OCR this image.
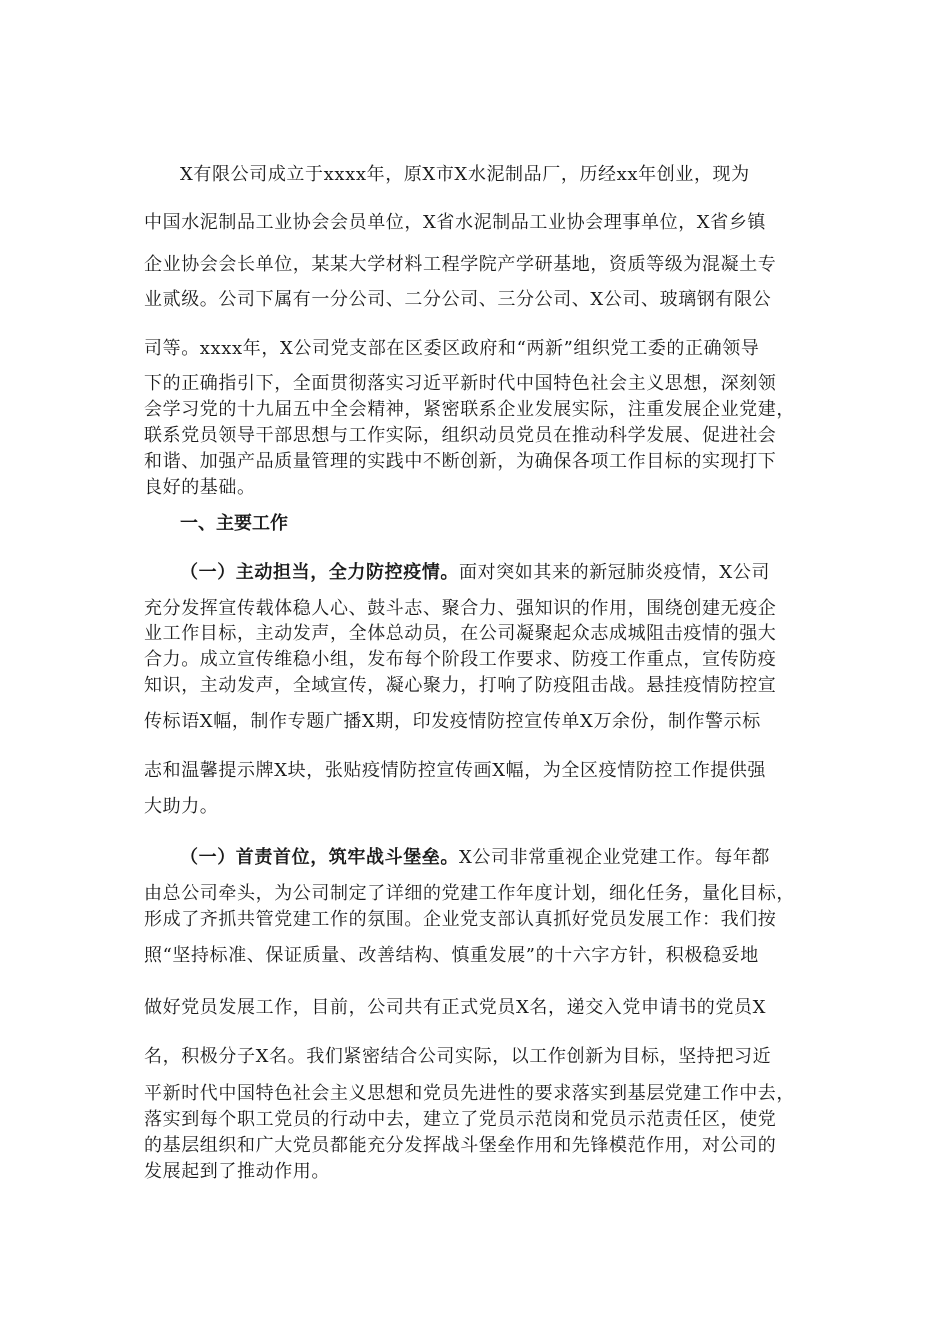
X有限公司成立于xxxx年，原X市X水泥制品厂，历经xx年创业，现为
中国水泥制品工业协会会员单位，X省水泥制品工业协会理事单位，X省乡镇
企业协会会长单位，某某大学材料工程学院产学研基地，资质等级为混凝土专
业贰级。公司下属有一分公司、二分公司、三分公司、X公司、玻璃钢有限公
司等。xxxx年，X公司党支部在区委区政府和“两新”组织党工委的正确领导
下的正确指引下，全面贯彻落实习近平新时代中国特色社会主义思想，深刻领
会学习党的十九届五中全会精神，紧密联系企业发展实际，注重发展企业党建，
联系党员领导干部思想与工作实际，组织动员党员在推动科学发展、促进社会
和谐、加强产品质量管理的实践中不断创新，为确保各项工作目标的实现打下
良好的基础。
一、主要工作
（一）主动担当，全力防控疫情。面对突如其来的新冠肺炎疫情，X公司
充分发挥宣传载体稳人心、鼓斗志、聚合力、强知识的作用，围绕创建无疫企
业工作目标，主动发声，全体总动员，在公司凝聚起众志成城阻击疫情的强大
合力。成立宣传维稳小组，发布每个阶段工作要求、防疫工作重点，宣传防疫
知识，主动发声，全域宣传，凝心聚力，打响了防疫阻击战。悬挂疫情防控宣
传标语X幅，制作专题广播X期，印发疫情防控宣传单X万余份，制作警示标
志和温馨提示牌X块，张贴疫情防控宣传画X幅，为全区疫情防控工作提供强
大助力。
（一）首责首位，筑牢战斗堡垒。X公司非常重视企业党建工作。每年都
由总公司牵头，为公司制定了详细的党建工作年度计划，细化任务，量化目标，
形成了齐抓共管党建工作的氛围。企业党支部认真抓好党员发展工作：我们按
照“坚持标准、保证质量、改善结构、慎重发展”的十六字方针，积极稳妥地
做好党员发展工作，目前，公司共有正式党员X名，递交入党申请书的党员X
名，积极分子X名。我们紧密结合公司实际，以工作创新为目标，坚持把习近
平新时代中国特色社会主义思想和党员先进性的要求落实到基层党建工作中去，
落实到每个职工党员的行动中去，建立了党员示范岗和党员示范责任区，使党
的基层组织和广大党员都能充分发挥战斗堡垒作用和先锋模范作用，对公司的
发展起到了推动作用。
